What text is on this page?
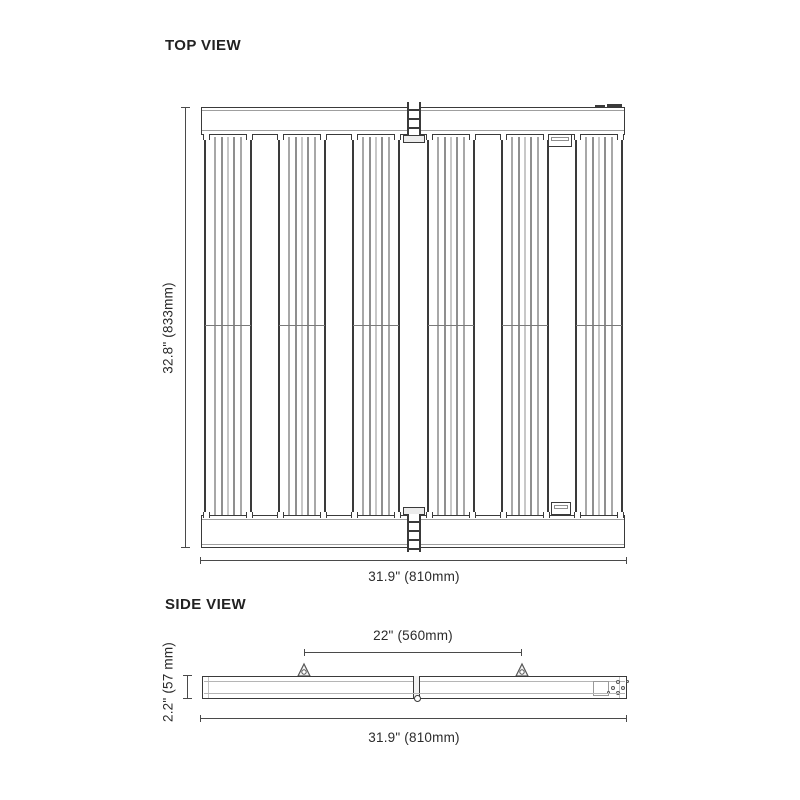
TOP VIEW
32.8" (833mm)
31.9" (810mm)
SIDE VIEW
22" (560mm)
2.2" (57 mm)
31.9" (810mm)
